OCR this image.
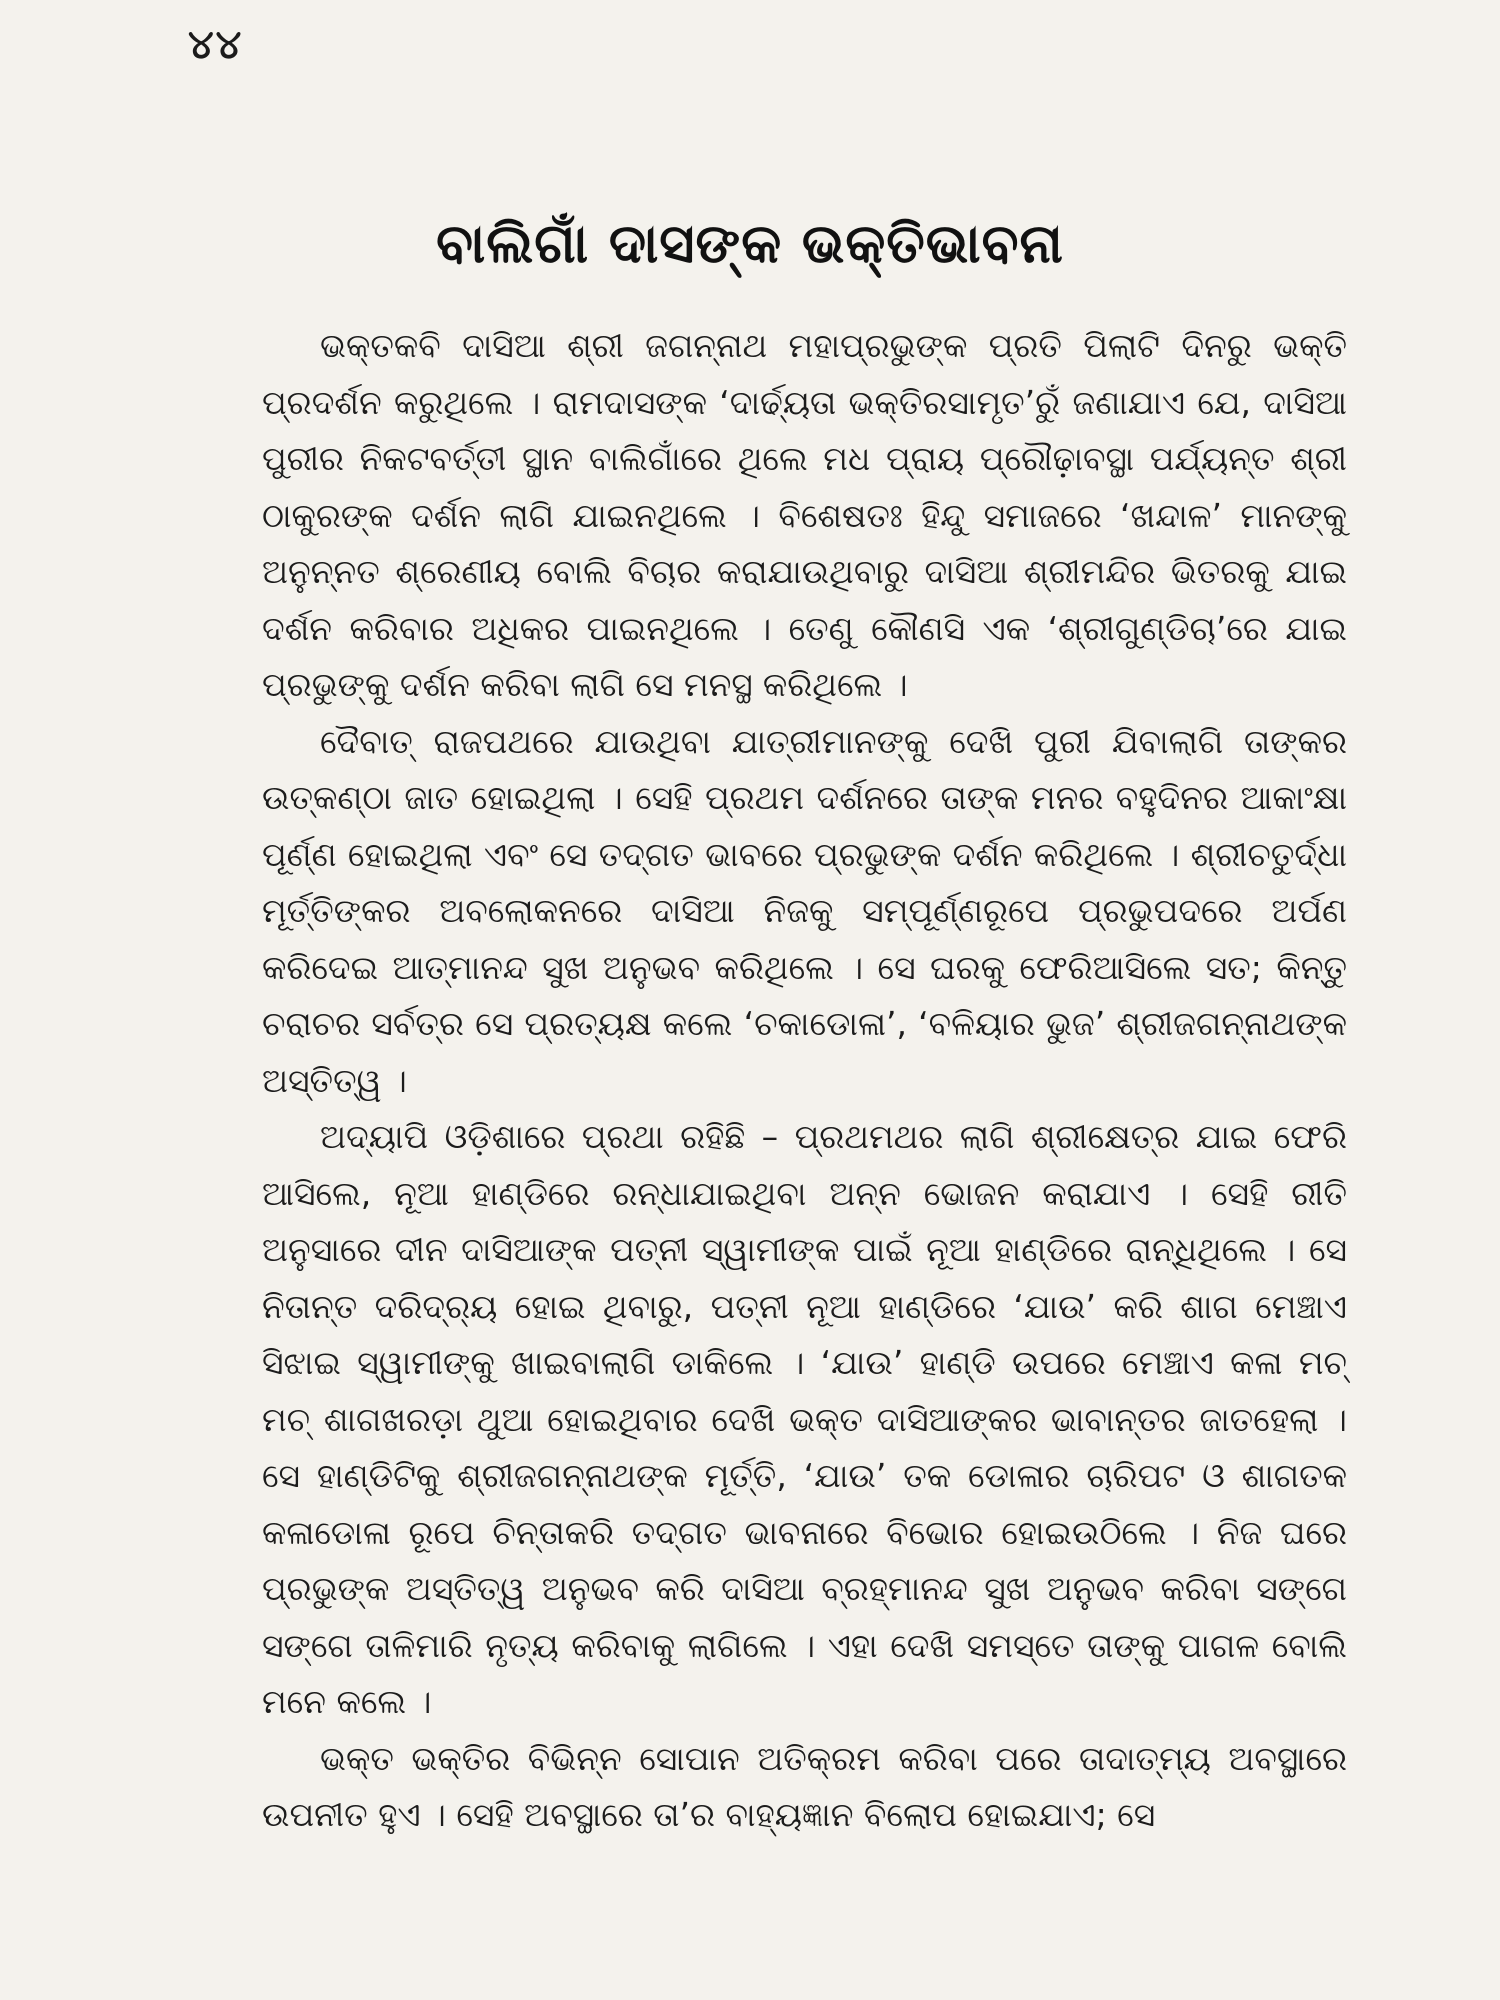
୪୪
ବାଲିଗାଁ ଦାସଙ୍କ ଭକ୍ତିଭାବନା

ଭକ୍ତକବି ଦାସିଆ ଶ୍ରୀ ଜଗନ୍ନାଥ ମହାପ୍ରଭୁଙ୍କ ପ୍ରତି ପିଲାଟି ଦିନରୁ ଭକ୍ତି ପ୍ରଦର୍ଶନ କରୁଥିଲେ । ରାମଦାସଙ୍କ ‘ଦାର୍ଢ୍ୟତା ଭକ୍ତିରସାମୃତ’ରୁଁ ଜଣାଯାଏ ଯେ, ଦାସିଆ ପୁରୀର ନିକଟବର୍ତ୍ତୀ ସ୍ଥାନ ବାଲିଗାଁରେ ଥିଲେ ମଧ ପ୍ରାୟ ପ୍ରୌଢ଼ାବସ୍ଥା ପର୍ଯ୍ୟନ୍ତ ଶ୍ରୀ ଠାକୁରଙ୍କ ଦର୍ଶନ ଲାଗି ଯାଇନଥିଲେ । ବିଶେଷତଃ ହିନ୍ଦୁ ସମାଜରେ ‘ଖନ୍ଦାଳ’ ମାନଙ୍କୁ ଅନୁନ୍ନତ ଶ୍ରେଣୀୟ ବୋଲି ବିଚାର କରାଯାଉଥିବାରୁ ଦାସିଆ ଶ୍ରୀମନ୍ଦିର ଭିତରକୁ ଯାଇ ଦର୍ଶନ କରିବାର ଅଧିକର ପାଇନଥିଲେ । ତେଣୁ କୌଣସି ଏକ ‘ଶ୍ରୀଗୁଣ୍ଡିଚା’ରେ ଯାଇ ପ୍ରଭୁଙ୍କୁ ଦର୍ଶନ କରିବା ଲାଗି ସେ ମନସ୍ଥ କରିଥିଲେ ।

ଦୈବାତ୍ ରାଜପଥରେ ଯାଉଥିବା ଯାତ୍ରୀମାନଙ୍କୁ ଦେଖି ପୁରୀ ଯିବାଲାଗି ତାଙ୍କର ଉତ୍କଣ୍ଠା ଜାତ ହୋଇଥିଲା । ସେହି ପ୍ରଥମ ଦର୍ଶନରେ ତାଙ୍କ ମନର ବହୁଦିନର ଆକାଂକ୍ଷା ପୂର୍ଣ୍ଣ ହୋଇଥିଲା ଏବଂ ସେ ତଦ୍‌ଗତ ଭାବରେ ପ୍ରଭୁଙ୍କ ଦର୍ଶନ କରିଥିଲେ । ଶ୍ରୀଚତୁର୍ଦ୍ଧା ମୂର୍ତ୍ତିଙ୍କର ଅବଲୋକନରେ ଦାସିଆ ନିଜକୁ ସମ୍ପୂର୍ଣ୍ଣରୂପେ ପ୍ରଭୁପଦରେ ଅର୍ପଣ କରିଦେଇ ଆତ୍ମାନନ୍ଦ ସୁଖ ଅନୁଭବ କରିଥିଲେ । ସେ ଘରକୁ ଫେରିଆସିଲେ ସତ; କିନ୍ତୁ ଚରାଚର ସର୍ବତ୍ର ସେ ପ୍ରତ୍ୟକ୍ଷ କଲେ ‘ଚକାଡୋଳା’, ‘ବଳିୟାର ଭୁଜ’ ଶ୍ରୀଜଗନ୍ନାଥଙ୍କ ଅସ୍ତିତ୍ୱ ।

ଅଦ୍ୟାପି ଓଡ଼ିଶାରେ ପ୍ରଥା ରହିଛି – ପ୍ରଥମଥର ଲାଗି ଶ୍ରୀକ୍ଷେତ୍ର ଯାଇ ଫେରି ଆସିଲେ, ନୂଆ ହାଣ୍ଡିରେ ରନ୍ଧାଯାଇଥିବା ଅନ୍ନ ଭୋଜନ କରାଯାଏ । ସେହି ରୀତି ଅନୁସାରେ ଦୀନ ଦାସିଆଙ୍କ ପତ୍ନୀ ସ୍ୱାମୀଙ୍କ ପାଇଁ ନୂଆ ହାଣ୍ଡିରେ ରାନ୍ଧିଥିଲେ । ସେ ନିତାନ୍ତ ଦରିଦ୍ର୍ୟ ହୋଇ ଥିବାରୁ, ପତ୍ନୀ ନୂଆ ହାଣ୍ଡିରେ ‘ଯାଉ’ କରି ଶାଗ ମେଞ୍ଚାଏ ସିଝାଇ ସ୍ୱାମୀଙ୍କୁ ଖାଇବାଲାଗି ଡାକିଲେ । ‘ଯାଉ’ ହାଣ୍ଡି ଉପରେ ମେଞ୍ଚାଏ କଳା ମଚ୍ ମଚ୍ ଶାଗଖରଡ଼ା ଥୁଆ ହୋଇଥିବାର ଦେଖି ଭକ୍ତ ଦାସିଆଙ୍କର ଭାବାନ୍ତର ଜାତହେଲା । ସେ ହାଣ୍ଡିଟିକୁ ଶ୍ରୀଜଗନ୍ନାଥଙ୍କ ମୂର୍ତ୍ତି, ‘ଯାଉ’ ତକ ଡୋଳାର ଚାରିପଟ ଓ ଶାଗତକ କଳାଡୋଳା ରୂପେ ଚିନ୍ତାକରି ତଦ୍‌ଗତ ଭାବନାରେ ବିଭୋର ହୋଇଉଠିଲେ । ନିଜ ଘରେ ପ୍ରଭୁଙ୍କ ଅସ୍ତିତ୍ୱ ଅନୁଭବ କରି ଦାସିଆ ବ୍ରହ୍ମାନନ୍ଦ ସୁଖ ଅନୁଭବ କରିବା ସଙ୍ଗେ ସଙ୍ଗେ ତାଳିମାରି ନୃତ୍ୟ କରିବାକୁ ଲାଗିଲେ । ଏହା ଦେଖି ସମସ୍ତେ ତାଙ୍କୁ ପାଗଳ ବୋଲି ମନେ କଲେ ।

ଭକ୍ତ ଭକ୍ତିର ବିଭିନ୍ନ ସୋପାନ ଅତିକ୍ରମ କରିବା ପରେ ତାଦାତ୍ମ୍ୟ ଅବସ୍ଥାରେ ଉପନୀତ ହୁଏ । ସେହି ଅବସ୍ଥାରେ ତା’ର ବାହ୍ୟଜ୍ଞାନ ବିଲୋପ ହୋଇଯାଏ; ସେ
